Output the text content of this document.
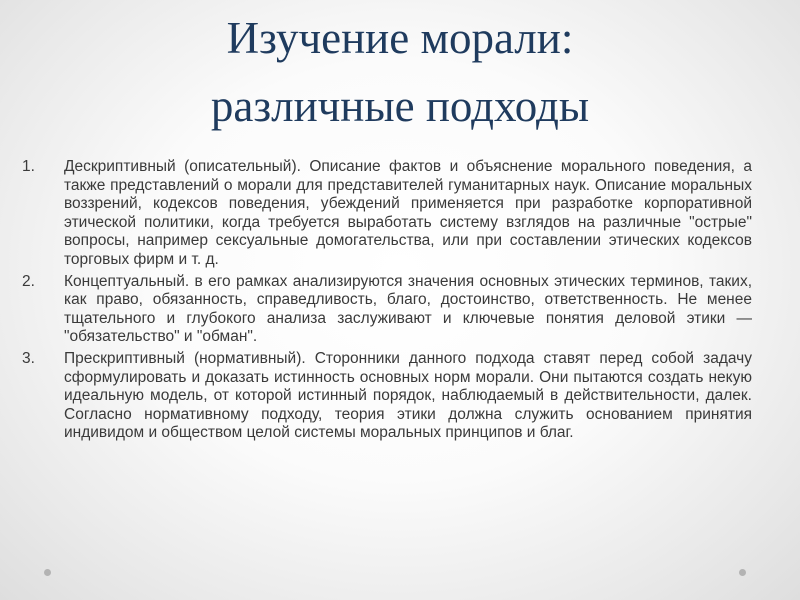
Изучение морали:
различные подходы
1. Дескриптивный (описательный). Описание фактов и объяснение морального поведения, а также представлений о морали для представителей гуманитарных наук. Описание моральных воззрений, кодексов поведения, убеждений применяется при разработке корпоративной этической политики, когда требуется выработать систему взглядов на различные "острые" вопросы, например сексуальные домогательства, или при составлении этических кодексов торговых фирм и т. д.
2. Концептуальный. в его рамках анализируются значения основных этических терминов, таких, как право, обязанность, справедливость, благо, достоинство, ответственность. Не менее тщательного и глубокого анализа заслуживают и ключевые понятия деловой этики — "обязательство" и "обман".
3. Прескриптивный (нормативный). Сторонники данного подхода ставят перед собой задачу сформулировать и доказать истинность основных норм морали. Они пытаются создать некую идеальную модель, от которой истинный порядок, наблюдаемый в действительности, далек. Согласно нормативному подходу, теория этики должна служить основанием принятия индивидом и обществом целой системы моральных принципов и благ.
